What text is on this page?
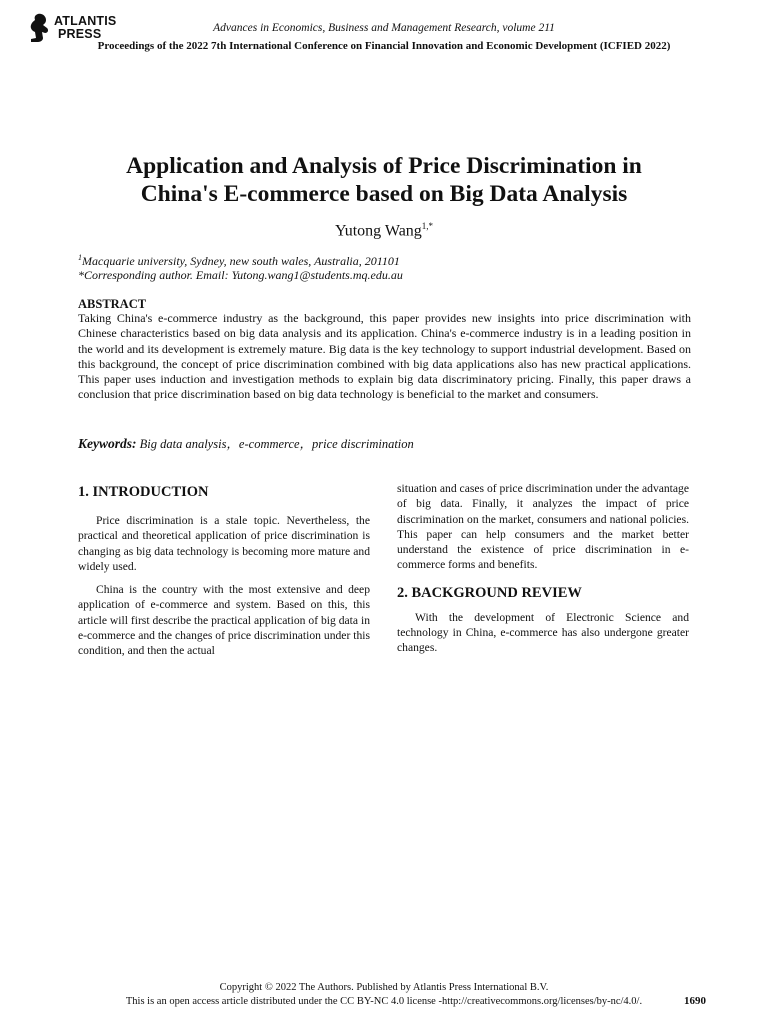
ATLANTIS
PRESS	Advances in Economics, Business and Management Research, volume 211
Proceedings of the 2022 7th International Conference on Financial Innovation and Economic Development (ICFIED 2022)
Application and Analysis of Price Discrimination in
China's E-commerce based on Big Data Analysis
Yutong Wang$^{1,*}$
$^1$Macquarie university, Sydney, new south wales, Australia, 201101
*Corresponding author. Email: Yutong.wang1@students.mq.edu.au
ABSTRACT

Taking China's e-commerce industry as the background, this paper provides new insights into price discrimination with Chinese characteristics based on big data analysis and its application. China's e-commerce industry is in a leading position in the world and its development is extremely mature. Big data is the key technology to support industrial development. Based on this background, the concept of price discrimination combined with big data applications also has new practical applications. This paper uses induction and investigation methods to explain big data discriminatory pricing. Finally, this paper draws a conclusion that price discrimination based on big data technology is beneficial to the market and consumers.

Keywords: Big data analysis，e-commerce，price discrimination
1. INTRODUCTION

Price discrimination is a stale topic. Nevertheless, the practical and theoretical application of price discrimination is changing as big data technology is becoming more mature and widely used.

China is the country with the most extensive and deep application of e-commerce and system. Based on this, this article will first describe the practical application of big data in e-commerce and the changes of price discrimination under this condition, and then the actual

situation and cases of price discrimination under the advantage of big data. Finally, it analyzes the impact of price discrimination on the market, consumers and national policies. This paper can help consumers and the market better understand the existence of price discrimination in e-commerce forms and benefits.

2. BACKGROUND REVIEW

With the development of Electronic Science and technology in China, e-commerce has also undergone greater changes.

Copyright © 2022 The Authors. Published by Atlantis Press International B.V.
This is an open access article distributed under the CC BY-NC 4.0 license -http://creativecommons.org/licenses/by-nc/4.0/.	1690
